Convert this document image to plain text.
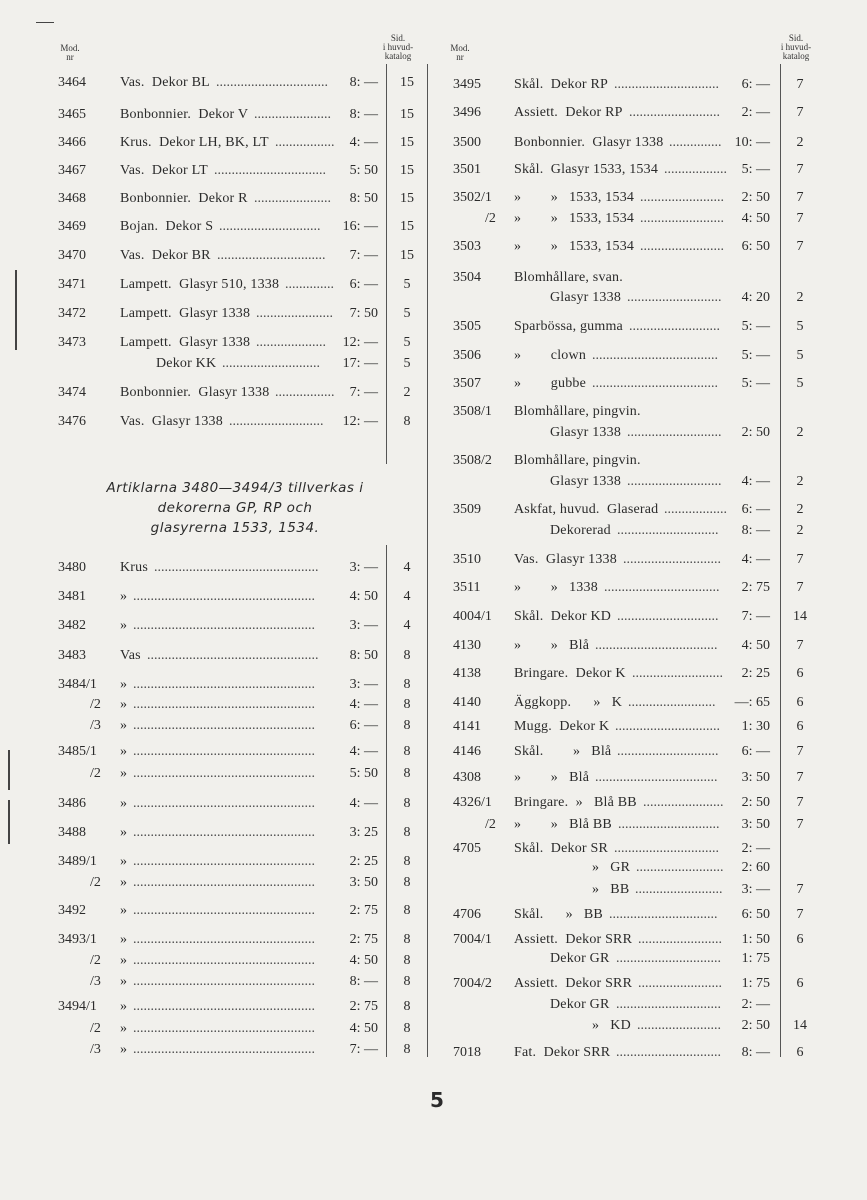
Mod.
nr
Sid.
i huvud-
katalog
Mod.
nr
Sid.
i huvud-
katalog
3464 Vas.  Dekor BL ................................	8: —	15
3465 Bonbonnier.  Dekor V ......................	8: —	15
3466 Krus.  Dekor LH, BK, LT .................	4: —	15
3467 Vas.  Dekor LT ................................	5: 50	15
3468 Bonbonnier.  Dekor R ......................	8: 50	15
3469 Bojan.  Dekor S .............................	16: —	15
3470 Vas.  Dekor BR ...............................	7: —	15
3471 Lampett.  Glasyr 510, 1338 ..............	6: —	5
3472 Lampett.  Glasyr 1338 ......................	7: 50	5
3473 Lampett.  Glasyr 1338 ....................	12: —	5
Dekor KK ............................	17: —	5
3474 Bonbonnier.  Glasyr 1338 .................	7: —	2
3476 Vas.  Glasyr 1338 ...........................	12: —	8
Artiklarna 3480—3494/3 tillverkas i
dekorerna GP, RP och
glasyrerna 1533, 1534.
3480 Krus ...............................................	3: —	4
3481 » ....................................................	4: 50	4
3482 » ....................................................	3: —	4
3483 Vas .................................................	8: 50	8
3484/1 » ....................................................	3: —	8
/2 » ....................................................	4: —	8
/3 » ....................................................	6: —	8
3485/1 » ....................................................	4: —	8
/2 » ....................................................	5: 50	8
3486 » ....................................................	4: —	8
3488 » ....................................................	3: 25	8
3489/1 » ....................................................	2: 25	8
/2 » ....................................................	3: 50	8
3492 » ....................................................	2: 75	8
3493/1 » ....................................................	2: 75	8
/2 » ....................................................	4: 50	8
/3 » ....................................................	8: —	8
3494/1 » ....................................................	2: 75	8
/2 » ....................................................	4: 50	8
/3 » ....................................................	7: —	8
3495 Skål.  Dekor RP ..............................	6: —	7
3496 Assiett.  Dekor RP ..........................	2: —	7
3500 Bonbonnier.  Glasyr 1338 ............... 10: —	2
3501 Skål.  Glasyr 1533, 1534 ..................	5: —	7
3502/1 »        »   1533, 1534 ........................	2: 50	7
/2 »        »   1533, 1534 ........................	4: 50	7
3503 »        »   1533, 1534 ........................	6: 50	7
3504 Blomhållare, svan.
Glasyr 1338 ...........................	4: 20	2
3505 Sparbössa, gumma ..........................	5: —	5
3506 »        clown ....................................	5: —	5
3507 »        gubbe ....................................	5: —	5
3508/1 Blomhållare, pingvin.
Glasyr 1338 ...........................	2: 50	2
3508/2 Blomhållare, pingvin.
Glasyr 1338 ...........................	4: —	2
3509 Askfat, huvud.  Glaserad ..................	6: —	2
Dekorerad .............................	8: —	2
3510 Vas.  Glasyr 1338 ............................	4: —	7
3511 »        »   1338 .................................	2: 75	7
4004/1 Skål.  Dekor KD .............................	7: —	14
4130 »        »   Blå ...................................	4: 50	7
4138 Bringare.  Dekor K ..........................	2: 25	6
4140 Äggkopp.      »   K .........................	—: 65	6
4141 Mugg.  Dekor K ..............................	1: 30	6
4146 Skål.        »   Blå .............................	6: —	7
4308 »        »   Blå ...................................	3: 50	7
4326/1 Bringare.  »   Blå BB .......................	2: 50	7
/2 »        »   Blå BB .............................	3: 50	7
4705 Skål.  Dekor SR ..............................	2: —
»   GR .........................	2: 60
»   BB .........................	3: —	7
4706 Skål.      »   BB ...............................	6: 50	7
7004/1 Assiett.  Dekor SRR ........................	1: 50	6
Dekor GR ..............................	1: 75
7004/2 Assiett.  Dekor SRR ........................	1: 75	6
Dekor GR ..............................	2: —
»   KD ........................	2: 50	14
7018 Fat.  Dekor SRR ..............................	8: —	6
5
